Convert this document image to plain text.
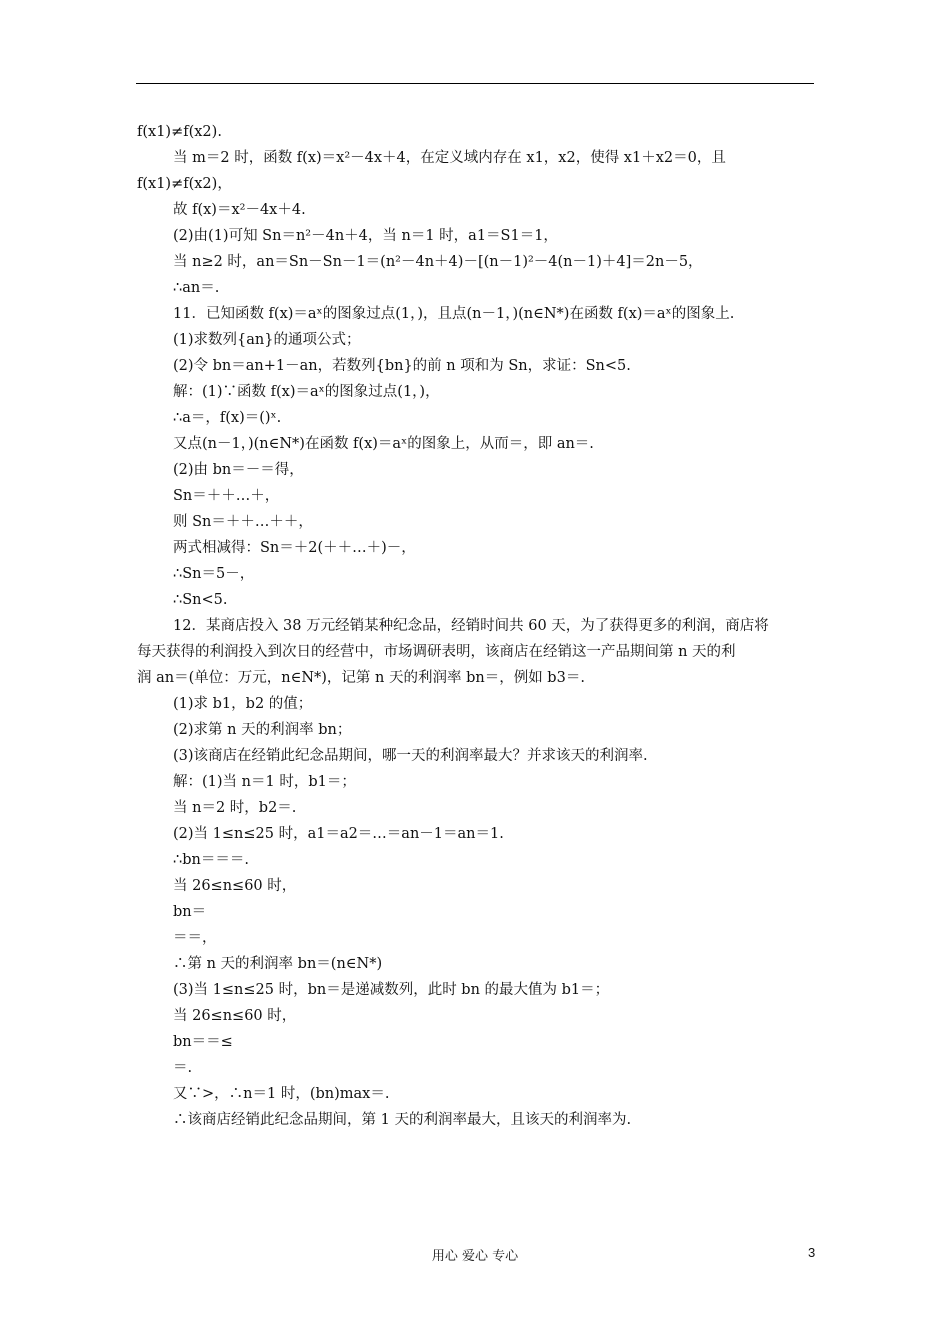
f(x1)≠f(x2).
当 m＝2 时，函数 f(x)＝x²－4x＋4，在定义域内存在 x1，x2，使得 x1＋x2＝0，且
f(x1)≠f(x2)，
故 f(x)＝x²－4x＋4.
(2)由(1)可知 Sn＝n²－4n＋4，当 n＝1 时，a1＝S1＝1，
当 n≥2 时，an＝Sn－Sn－1＝(n²－4n＋4)－[(n－1)²－4(n－1)＋4]＝2n－5，
∴an＝.
11．已知函数 f(x)＝aˣ的图象过点(1，)，且点(n－1，)(n∈N*)在函数 f(x)＝aˣ的图象上.
(1)求数列{an}的通项公式；
(2)令 bn＝an+1－an，若数列{bn}的前 n 项和为 Sn，求证：Sn<5.
解：(1)∵函数 f(x)＝aˣ的图象过点(1，)，
∴a＝，f(x)＝()ˣ.
又点(n－1，)(n∈N*)在函数 f(x)＝aˣ的图象上，从而＝，即 an＝.
(2)由 bn＝－＝得，
Sn＝＋＋…＋，
则 Sn＝＋＋…＋＋，
两式相减得：Sn＝＋2(＋＋…＋)－，
∴Sn＝5－，
∴Sn<5.
12．某商店投入 38 万元经销某种纪念品，经销时间共 60 天，为了获得更多的利润，商店将
每天获得的利润投入到次日的经营中，市场调研表明，该商店在经销这一产品期间第 n 天的利
润 an＝(单位：万元，n∈N*)，记第 n 天的利润率 bn＝，例如 b3＝.
(1)求 b1，b2 的值；
(2)求第 n 天的利润率 bn；
(3)该商店在经销此纪念品期间，哪一天的利润率最大？并求该天的利润率.
解：(1)当 n＝1 时，b1＝；
当 n＝2 时，b2＝.
(2)当 1≤n≤25 时，a1＝a2＝…＝an－1＝an＝1.
∴bn＝＝＝.
当 26≤n≤60 时，
bn＝
＝＝，
∴第 n 天的利润率 bn＝(n∈N*)
(3)当 1≤n≤25 时，bn＝是递减数列，此时 bn 的最大值为 b1＝；
当 26≤n≤60 时，
bn＝＝≤
＝.
又∵>，∴n＝1 时，(bn)max＝.
∴该商店经销此纪念品期间，第 1 天的利润率最大，且该天的利润率为.
用心 爱心 专心	3
